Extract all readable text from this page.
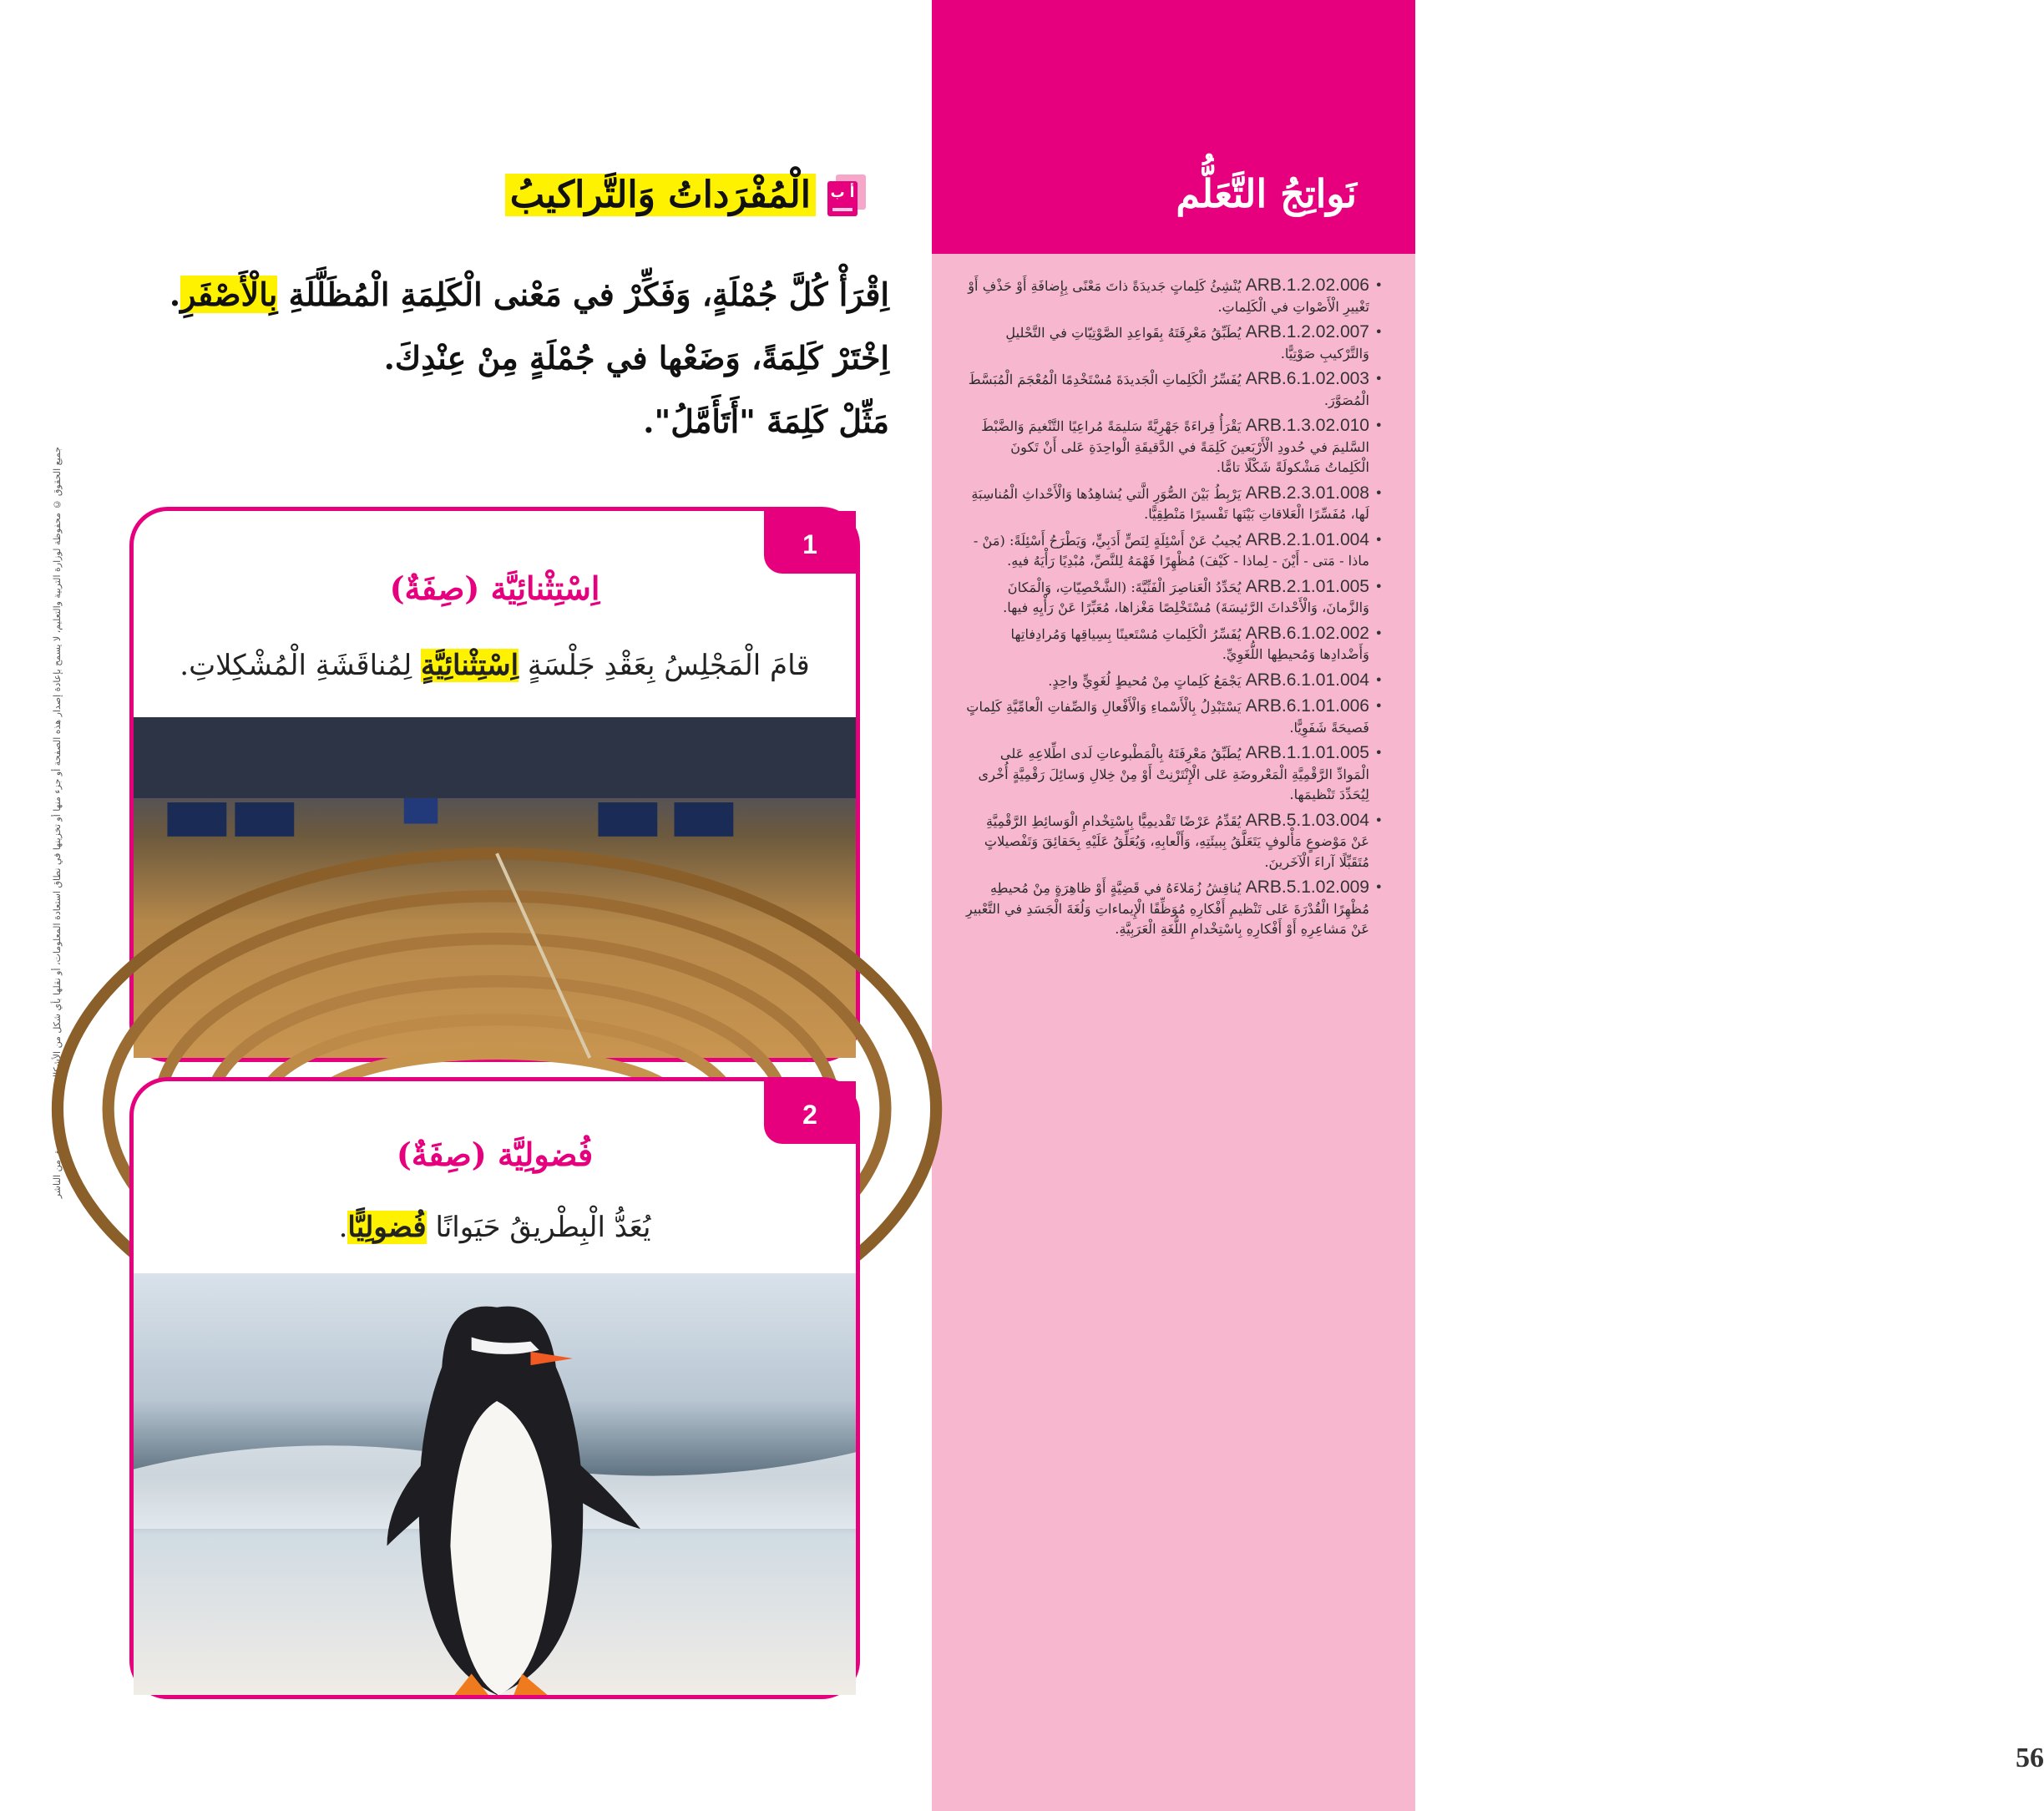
نَواتِجُ التَّعَلُّم
• ARB.1.2.02.006 يُنْشِئُ كَلِماتٍ جَديدَةً ذاتَ مَعْنًى بِإِضافَةِ أَوْ حَذْفِ أَوْ تَغْييرِ الْأَصْواتِ في الْكَلِماتِ.
• ARB.1.2.02.007 يُطَبِّقُ مَعْرِفَتَهُ بِقَواعِدِ الصَّوْتِيّاتِ في التَّحْليلِ وَالتَّرْكيبِ صَوْتِيًّا.
• ARB.6.1.02.003 يُفَسِّرُ الْكَلِماتِ الْجَديدَةَ مُسْتَخْدِمًا الْمُعْجَمَ الْمُبَسَّطَ الْمُصَوَّرَ.
• ARB.1.3.02.010 يَقْرَأُ قِراءَةً جَهْرِيَّةً سَليمَةً مُراعِيًا التَّنْغيمَ وَالضَّبْطَ السَّليمَ في حُدودِ الْأَرْبَعينَ كَلِمَةً في الدَّقيقَةِ الْواحِدَةِ عَلى أَنْ تَكونَ الْكَلِماتُ مَشْكولَةً شَكْلًا تامًّا.
• ARB.2.3.01.008 يَرْبِطُ بَيْنَ الصُّوَرِ الَّتي يُشاهِدُها وَالْأَحْداثِ الْمُناسِبَةِ لَها، مُفَسِّرًا الْعَلاقاتِ بَيْنَها تَفْسيرًا مَنْطِقِيًّا.
• ARB.2.1.01.004 يُجيبُ عَنْ أَسْئِلَةٍ لِنَصٍّ أَدَبِيٍّ، وَيَطْرَحُ أَسْئِلَةً: (مَنْ - ماذا - مَتى - أَيْنَ - لِماذا - كَيْفَ) مُظْهِرًا فَهْمَهُ لِلنَّصِّ، مُبْدِيًا رَأْيَهُ فيهِ.
• ARB.2.1.01.005 يُحَدِّدُ الْعَناصِرَ الْفَنِّيَّةَ: (الشَّخْصِيّاتِ، وَالْمَكانَ وَالزَّمانَ، وَالْأَحْداثَ الرَّئيسَةَ) مُسْتَخْلِصًا مَغْزاها، مُعَبِّرًا عَنْ رَأْيِهِ فيها.
• ARB.6.1.02.002 يُفَسِّرُ الْكَلِماتِ مُسْتَعينًا بِسِياقِها وَمُرادِفاتِها وَأَضْدادِها وَمُحيطِها اللُّغَوِيِّ.
• ARB.6.1.01.004 يَجْمَعُ كَلِماتٍ مِنْ مُحيطٍ لُغَوِيٍّ واحِدٍ.
• ARB.6.1.01.006 يَسْتَبْدِلُ بِالْأَسْماءِ وَالْأَفْعالِ وَالصِّفاتِ الْعامِّيَّةِ كَلِماتٍ فَصيحَةً شَفَوِيًّا.
• ARB.1.1.01.005 يُطَبِّقُ مَعْرِفَتَهُ بِالْمَطْبوعاتِ لَدى اطِّلاعِهِ عَلى الْمَوادِّ الرَّقْمِيَّةِ الْمَعْروضَةِ عَلى الْإِنْتَرْنِتْ أَوْ مِنْ خِلالِ وَسائِلَ رَقْمِيَّةٍ أُخْرى لِيُحَدِّدَ تَنْظيمَها.
• ARB.5.1.03.004 يُقَدِّمُ عَرْضًا تَقْديمِيًّا بِاسْتِخْدامِ الْوَسائِطِ الرَّقْمِيَّةِ عَنْ مَوْضوعٍ مَأْلوفٍ يَتَعَلَّقُ بِبيئَتِهِ، وَأَلْعابِهِ، وَيُعَلِّقُ عَلَيْهِ بِحَقائِقَ وَتَفْصيلاتٍ مُتَقَبِّلًا آراءَ الْآخَرينَ.
• ARB.5.1.02.009 يُناقِشُ زُمَلاءَهُ في قَضِيَّةٍ أَوْ ظاهِرَةٍ مِنْ مُحيطِهِ مُظْهِرًا الْقُدْرَةَ عَلى تَنْظيمِ أَفْكارِهِ مُوَظِّفًا الْإِيماءاتِ وَلُغَةَ الْجَسَدِ في التَّعْبيرِ عَنْ مَشاعِرِهِ أَوْ أَفْكارِهِ بِاسْتِخْدامِ اللُّغَةِ الْعَرَبِيَّةِ.
56
جميع الحقوق © محفوظة لوزارة التربية والتعليم، لا يسمح بإعادة إصدار هذه الصفحة أو جزء منها أو تخزينها في نطاق استعادة المعلومات، أو نقلها بأي شكل من الأشكال من دون إذن مسبق من الناشر
أ ب
الْمُفْرَداتُ وَالتَّراكيبُ

اِقْرَأْ كُلَّ جُمْلَةٍ، وَفَكِّرْ في مَعْنى الْكَلِمَةِ الْمُظَلَّلَةِ بِالْأَصْفَرِ.

اِخْتَرْ كَلِمَةً، وَضَعْها في جُمْلَةٍ مِنْ عِنْدِكَ.

مَثِّلْ كَلِمَةَ "أَتَأَمَّلُ".

1
اِسْتِثْنائِيَّة (صِفَةٌ)
قامَ الْمَجْلِسُ بِعَقْدِ جَلْسَةٍ اِسْتِثْنائِيَّةٍ لِمُناقَشَةِ الْمُشْكِلاتِ.
2
فُضولِيَّة (صِفَةٌ)
يُعَدُّ الْبِطْريقُ حَيَوانًا فُضولِيًّا.
